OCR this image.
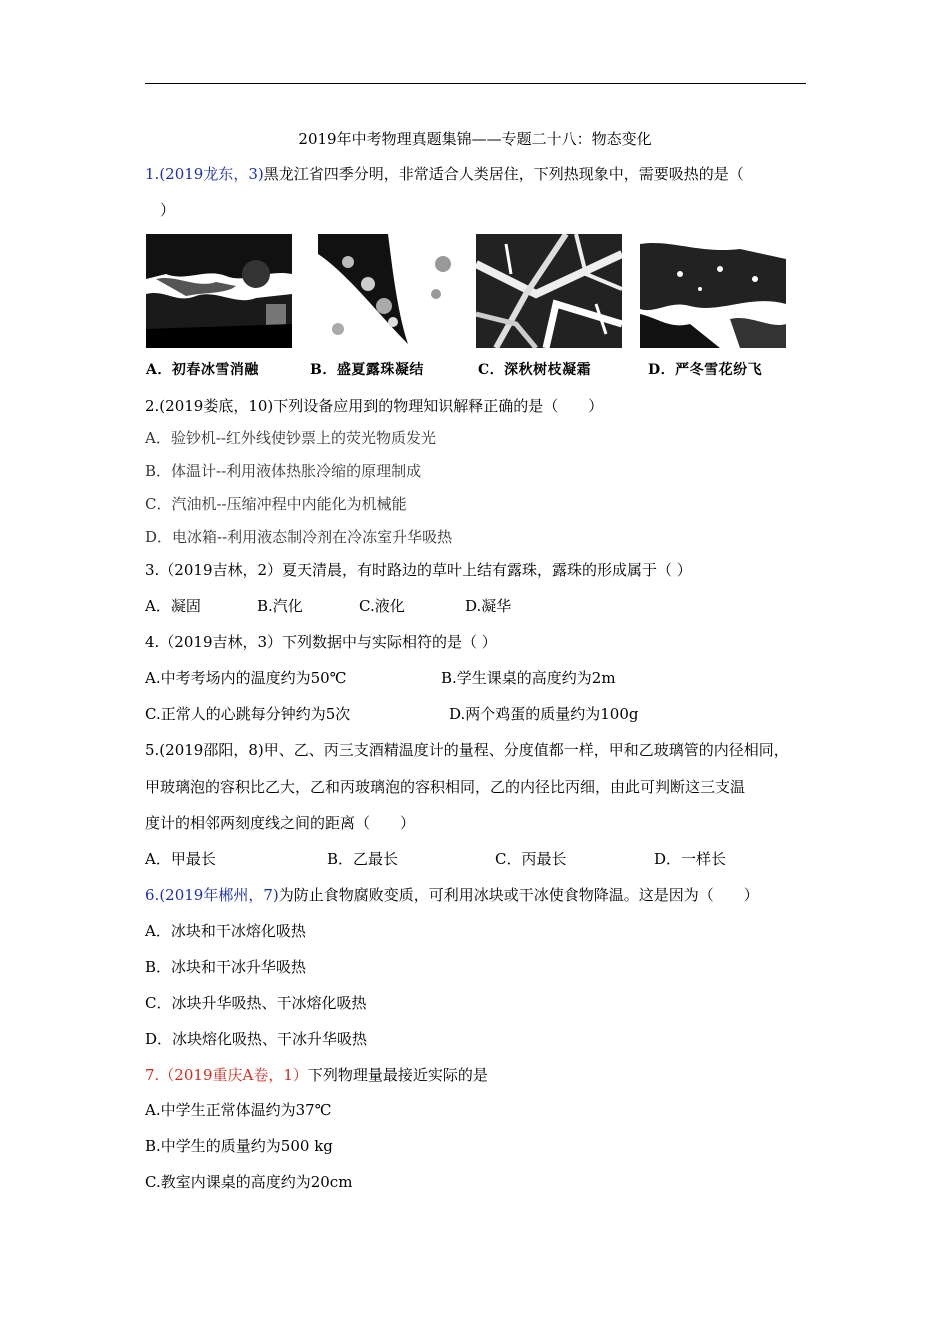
2019年中考物理真题集锦——专题二十八：物态变化
1.(2019龙东，3)黑龙江省四季分明，非常适合人类居住，下列热现象中，需要吸热的是（
）
A．初春冰雪消融	B．盛夏露珠凝结	C．深秋树枝凝霜	D．严冬雪花纷飞
2.(2019娄底，10)下列设备应用到的物理知识解释正确的是（　　）
A．验钞机--红外线使钞票上的荧光物质发光
B．体温计--利用液体热胀冷缩的原理制成
C．汽油机--压缩冲程中内能化为机械能
D．电冰箱--利用液态制冷剂在冷冻室升华吸热
3.（2019吉林，2）夏天清晨，有时路边的草叶上结有露珠，露珠的形成属于（ ）
A．凝固	B.汽化	C.液化	D.凝华
4.（2019吉林，3）下列数据中与实际相符的是（ ）
A.中考考场内的温度约为50℃	B.学生课桌的高度约为2m
C.正常人的心跳每分钟约为5次	D.两个鸡蛋的质量约为100g
5.(2019邵阳，8)甲、乙、丙三支酒精温度计的量程、分度值都一样，甲和乙玻璃管的内径相同，
甲玻璃泡的容积比乙大，乙和丙玻璃泡的容积相同，乙的内径比丙细，由此可判断这三支温
度计的相邻两刻度线之间的距离（　　）
A．甲最长	B．乙最长	C．丙最长	D．一样长
6.(2019年郴州，7)为防止食物腐败变质，可利用冰块或干冰使食物降温。这是因为（　　）
A．冰块和干冰熔化吸热
B．冰块和干冰升华吸热
C．冰块升华吸热、干冰熔化吸热
D．冰块熔化吸热、干冰升华吸热
7.（2019重庆A卷，1）下列物理量最接近实际的是
A.中学生正常体温约为37℃
B.中学生的质量约为500 kg
C.教室内课桌的高度约为20cm
